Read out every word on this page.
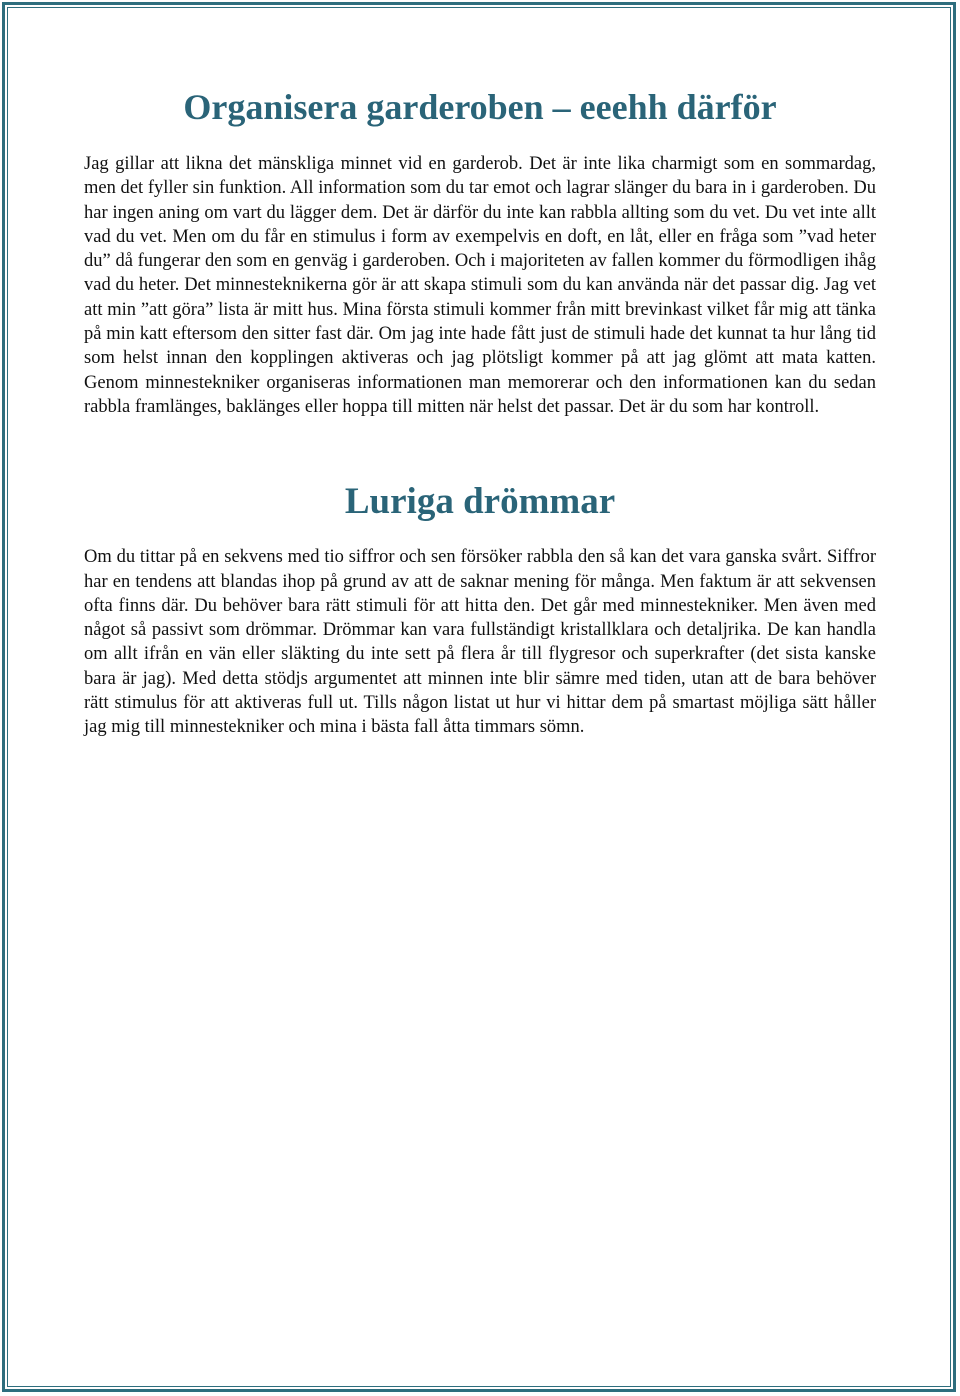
Organisera garderoben – eeehh därför

Jag gillar att likna det mänskliga minnet vid en garderob. Det är inte lika charmigt som en sommardag, men det fyller sin funktion. All information som du tar emot och lagrar slänger du bara in i garderoben. Du har ingen aning om vart du lägger dem. Det är därför du inte kan rabbla allting som du vet. Du vet inte allt vad du vet. Men om du får en stimulus i form av exempelvis en doft, en låt, eller en fråga som ”vad heter du” då fungerar den som en genväg i garderoben. Och i majoriteten av fallen kommer du förmodligen ihåg vad du heter. Det minnesteknikerna gör är att skapa stimuli som du kan använda när det passar dig. Jag vet att min ”att göra” lista är mitt hus. Mina första stimuli kommer från mitt brevinkast vilket får mig att tänka på min katt eftersom den sitter fast där. Om jag inte hade fått just de stimuli hade det kunnat ta hur lång tid som helst innan den kopplingen aktiveras och jag plötsligt kommer på att jag glömt att mata katten. Genom minnestekniker organiseras informationen man memorerar och den informationen kan du sedan rabbla framlänges, baklänges eller hoppa till mitten när helst det passar. Det är du som har kontroll.

Luriga drömmar

Om du tittar på en sekvens med tio siffror och sen försöker rabbla den så kan det vara ganska svårt. Siffror har en tendens att blandas ihop på grund av att de saknar mening för många. Men faktum är att sekvensen ofta finns där. Du behöver bara rätt stimuli för att hitta den. Det går med minnestekniker. Men även med något så passivt som drömmar. Drömmar kan vara fullständigt kristallklara och detaljrika. De kan handla om allt ifrån en vän eller släkting du inte sett på flera år till flygresor och superkrafter (det sista kanske bara är jag). Med detta stödjs argumentet att minnen inte blir sämre med tiden, utan att de bara behöver rätt stimulus för att aktiveras full ut. Tills någon listat ut hur vi hittar dem på smartast möjliga sätt håller jag mig till minnestekniker och mina i bästa fall åtta timmars sömn.
